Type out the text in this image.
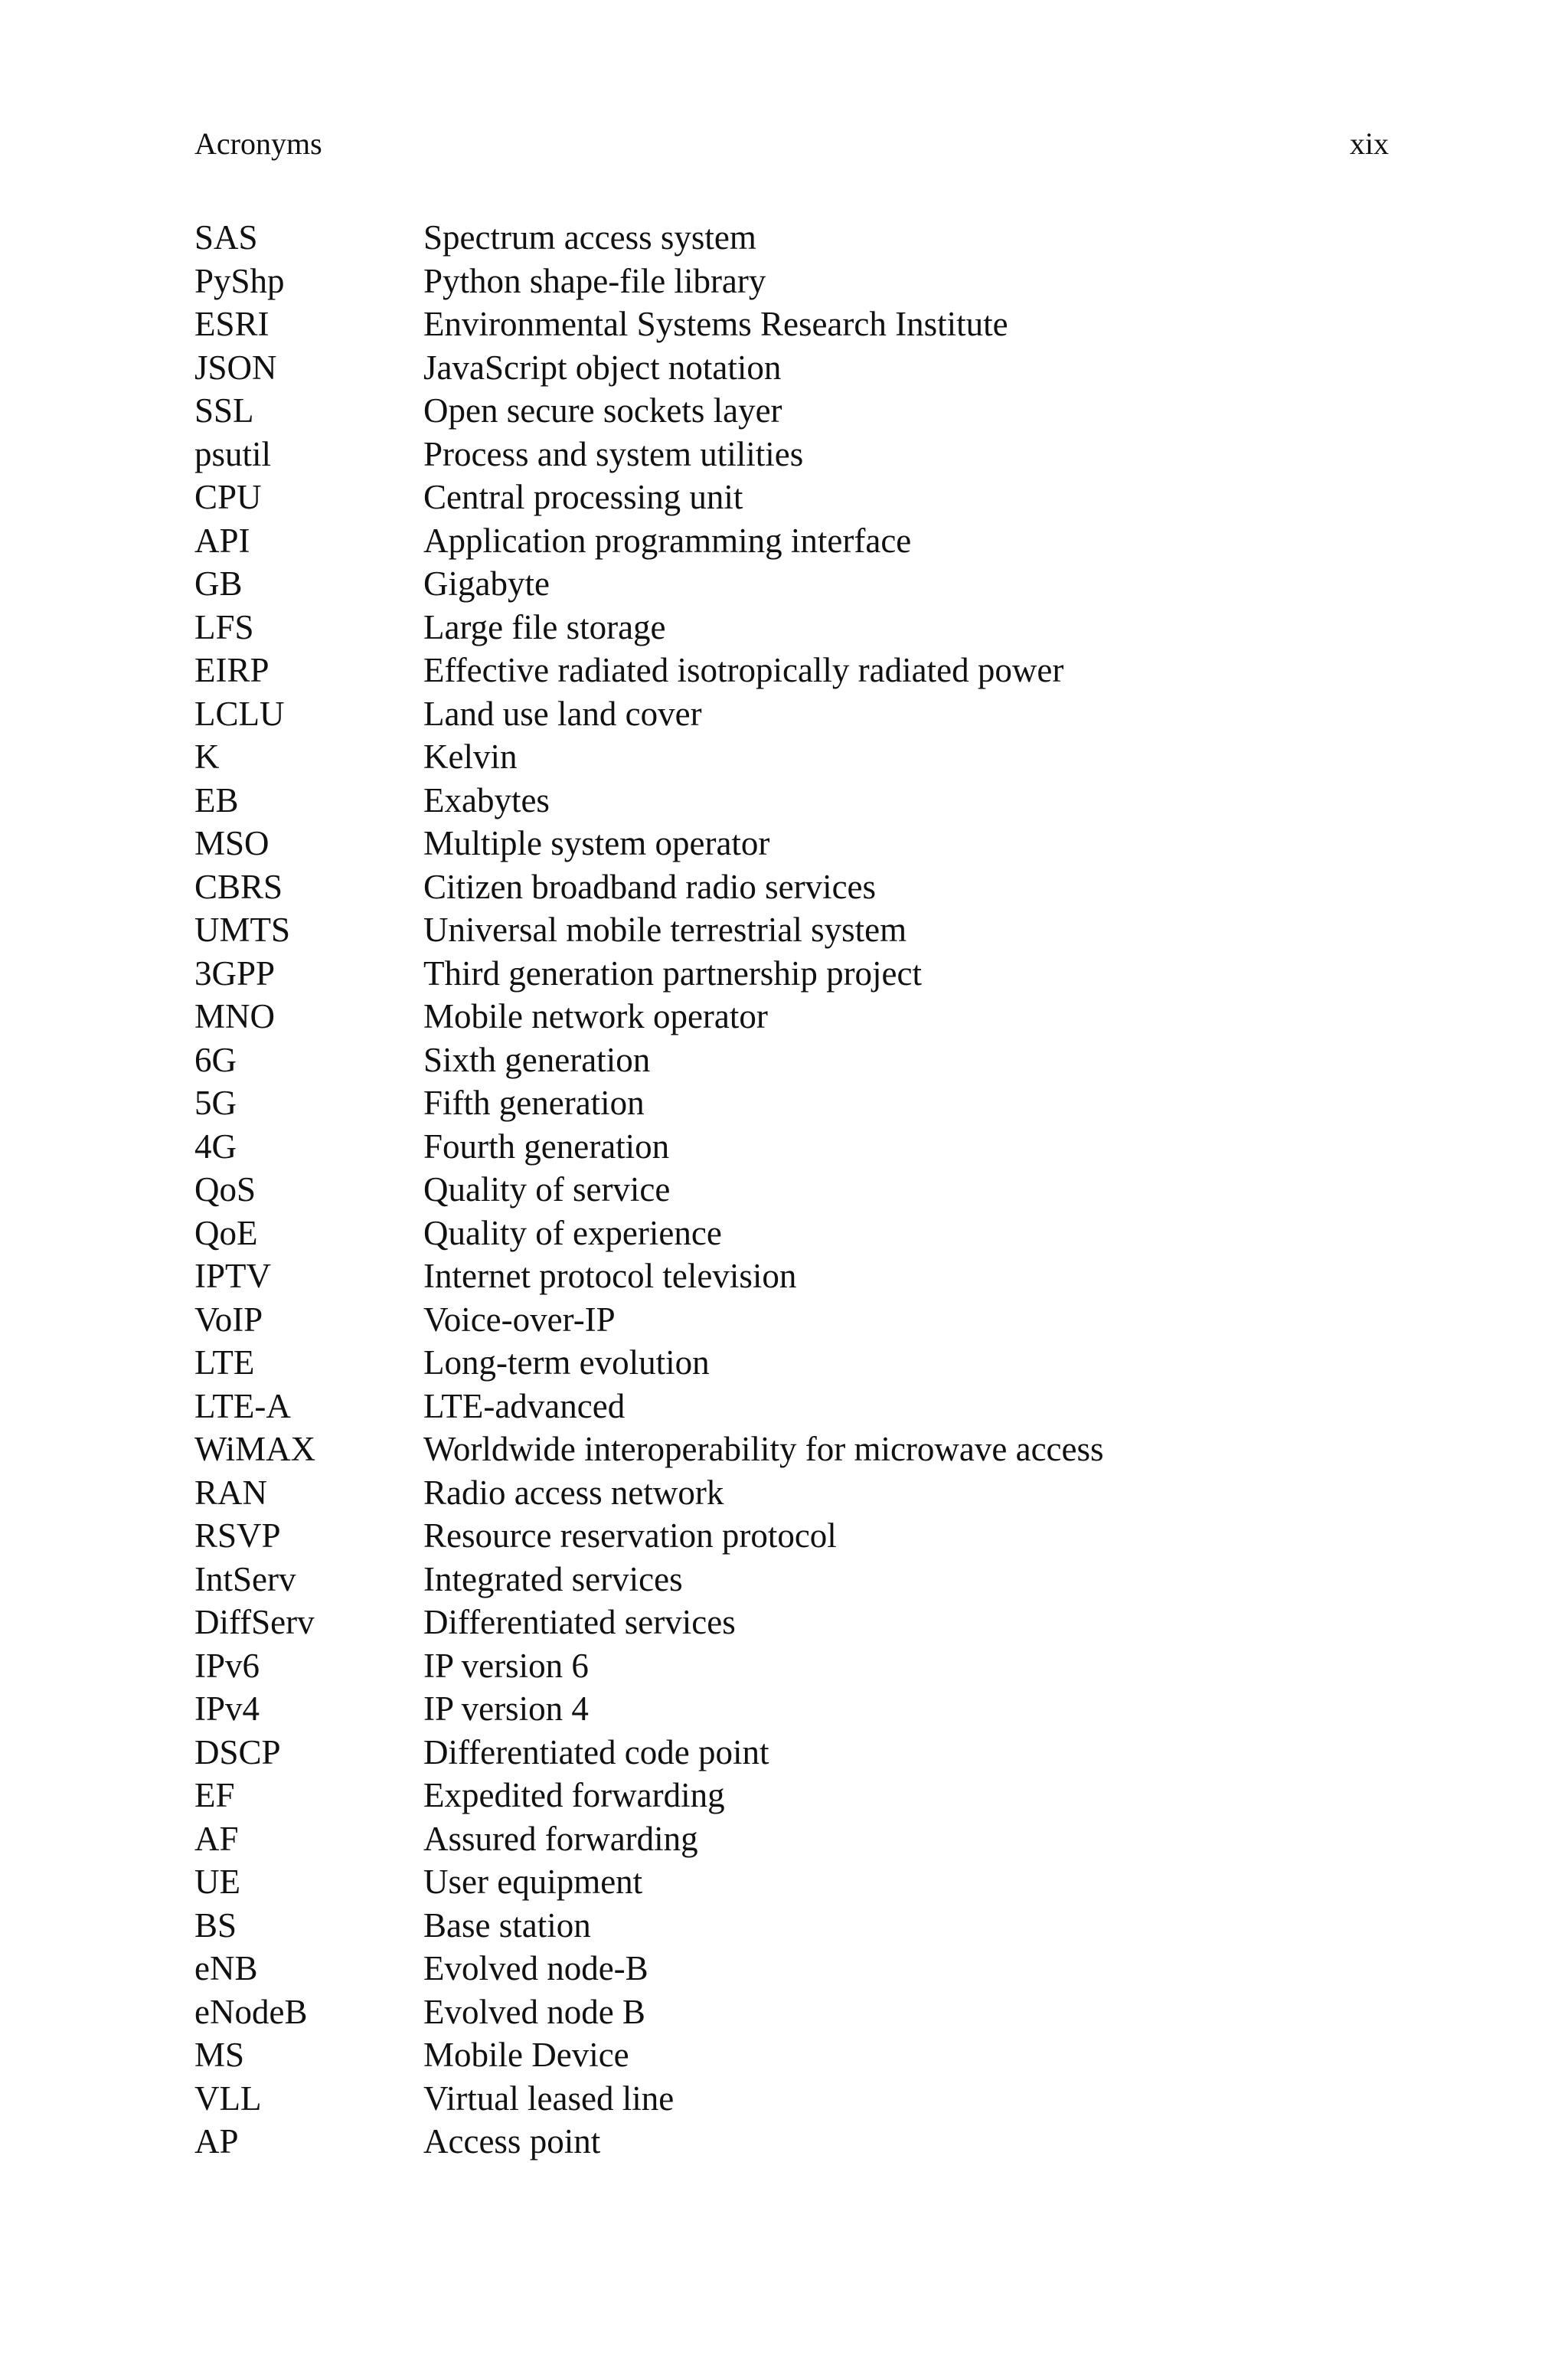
Acronyms	xix
SAS	Spectrum access system
PyShp	Python shape-file library
ESRI	Environmental Systems Research Institute
JSON	JavaScript object notation
SSL	Open secure sockets layer
psutil	Process and system utilities
CPU	Central processing unit
API	Application programming interface
GB	Gigabyte
LFS	Large file storage
EIRP	Effective radiated isotropically radiated power
LCLU	Land use land cover
K	Kelvin
EB	Exabytes
MSO	Multiple system operator
CBRS	Citizen broadband radio services
UMTS	Universal mobile terrestrial system
3GPP	Third generation partnership project
MNO	Mobile network operator
6G	Sixth generation
5G	Fifth generation
4G	Fourth generation
QoS	Quality of service
QoE	Quality of experience
IPTV	Internet protocol television
VoIP	Voice-over-IP
LTE	Long-term evolution
LTE-A	LTE-advanced
WiMAX	Worldwide interoperability for microwave access
RAN	Radio access network
RSVP	Resource reservation protocol
IntServ	Integrated services
DiffServ	Differentiated services
IPv6	IP version 6
IPv4	IP version 4
DSCP	Differentiated code point
EF	Expedited forwarding
AF	Assured forwarding
UE	User equipment
BS	Base station
eNB	Evolved node-B
eNodeB	Evolved node B
MS	Mobile Device
VLL	Virtual leased line
AP	Access point
